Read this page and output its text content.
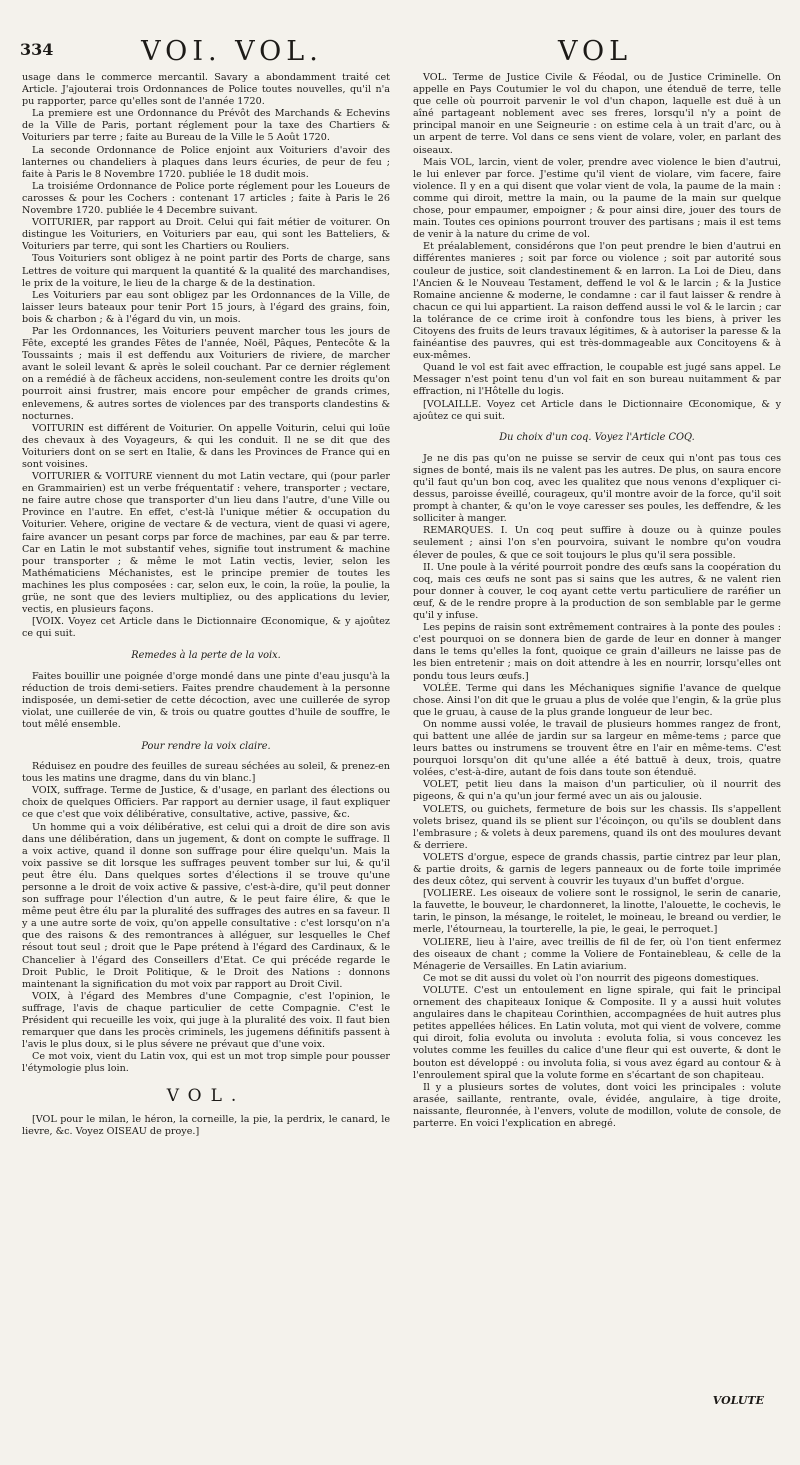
334	VOI. VOL.	VOL

usage dans le commerce mercantil. Savary a abondamment traité cet Article. J'ajouterai trois Ordonnances de Police toutes nouvelles, qu'il n'a pu rapporter, parce qu'elles sont de l'année 1720.

La premiere est une Ordonnance du Prévôt des Marchands & Echevins de la Ville de Paris, portant réglement pour la taxe des Chartiers & Voituriers par terre ; faite au Bureau de la Ville le 5 Août 1720.

La seconde Ordonnance de Police enjoint aux Voituriers d'avoir des lanternes ou chandeliers à plaques dans leurs écuries, de peur de feu ; faite à Paris le 8 Novembre 1720. publiée le 18 dudit mois.

La troisiéme Ordonnance de Police porte réglement pour les Loueurs de carosses & pour les Cochers : contenant 17 articles ; faite à Paris le 26 Novembre 1720. publiée le 4 Decembre suivant.

VOITURIER, par rapport au Droit. Celui qui fait métier de voiturer. On distingue les Voituriers, en Voituriers par eau, qui sont les Batteliers, & Voituriers par terre, qui sont les Chartiers ou Rouliers.

Tous Voituriers sont obligez à ne point partir des Ports de charge, sans Lettres de voiture qui marquent la quantité & la qualité des marchandises, le prix de la voiture, le lieu de la charge & de la destination.

Les Voituriers par eau sont obligez par les Ordonnances de la Ville, de laisser leurs bateaux pour tenir Port 15 jours, à l'égard des grains, foin, bois & charbon ; & à l'égard du vin, un mois.

Par les Ordonnances, les Voituriers peuvent marcher tous les jours de Fête, excepté les grandes Fêtes de l'année, Noël, Pâques, Pentecôte & la Toussaints ; mais il est deffendu aux Voituriers de riviere, de marcher avant le soleil levant & après le soleil couchant. Par ce dernier réglement on a remédié à de fâcheux accidens, non-seulement contre les droits qu'on pourroit ainsi frustrer, mais encore pour empêcher de grands crimes, enlevemens, & autres sortes de violences par des transports clandestins & nocturnes.

VOITURIN est différent de Voiturier. On appelle Voiturin, celui qui loüe des chevaux à des Voyageurs, & qui les conduit. Il ne se dit que des Voituriers dont on se sert en Italie, & dans les Provinces de France qui en sont voisines.

VOITURIER & VOITURE viennent du mot Latin vectare, qui (pour parler en Grammairien) est un verbe fréquentatif : vehere, transporter ; vectare, ne faire autre chose que transporter d'un lieu dans l'autre, d'une Ville ou Province en l'autre. En effet, c'est-là l'unique métier & occupation du Voiturier. Vehere, origine de vectare & de vectura, vient de quasi vi agere, faire avancer un pesant corps par force de machines, par eau & par terre. Car en Latin le mot substantif vehes, signifie tout instrument & machine pour transporter ; & même le mot Latin vectis, levier, selon les Mathématiciens Méchanistes, est le principe premier de toutes les machines les plus composées : car, selon eux, le coin, la roüe, la poulie, la grüe, ne sont que des leviers multipliez, ou des applications du levier, vectis, en plusieurs façons.

[VOIX. Voyez cet Article dans le Dictionnaire Œconomique, & y ajoûtez ce qui suit.

Remedes à la perte de la voix.

Faites bouillir une poignée d'orge mondé dans une pinte d'eau jusqu'à la réduction de trois demi-setiers. Faites prendre chaudement à la personne indisposée, un demi-setier de cette décoction, avec une cuillerée de syrop violat, une cuillerée de vin, & trois ou quatre gouttes d'huile de souffre, le tout mêlé ensemble.

Pour rendre la voix claire.

Réduisez en poudre des feuilles de sureau séchées au soleil, & prenez-en tous les matins une dragme, dans du vin blanc.]

VOIX, suffrage. Terme de Justice, & d'usage, en parlant des élections ou choix de quelques Officiers. Par rapport au dernier usage, il faut expliquer ce que c'est que voix délibérative, consultative, active, passive, &c.

Un homme qui a voix délibérative, est celui qui a droit de dire son avis dans une délibération, dans un jugement, & dont on compte le suffrage. Il a voix active, quand il donne son suffrage pour élire quelqu'un. Mais la voix passive se dit lorsque les suffrages peuvent tomber sur lui, & qu'il peut être élu. Dans quelques sortes d'élections il se trouve qu'une personne a le droit de voix active & passive, c'est-à-dire, qu'il peut donner son suffrage pour l'élection d'un autre, & le peut faire élire, & que le même peut être élu par la pluralité des suffrages des autres en sa faveur. Il y a une autre sorte de voix, qu'on appelle consultative : c'est lorsqu'on n'a que des raisons & des remontrances à alléguer, sur lesquelles le Chef résout tout seul ; droit que le Pape prétend à l'égard des Cardinaux, & le Chancelier à l'égard des Conseillers d'Etat. Ce qui précéde regarde le Droit Public, le Droit Politique, & le Droit des Nations : donnons maintenant la signification du mot voix par rapport au Droit Civil.

VOIX, à l'égard des Membres d'une Compagnie, c'est l'opinion, le suffrage, l'avis de chaque particulier de cette Compagnie. C'est le Président qui recueille les voix, qui juge à la pluralité des voix. Il faut bien remarquer que dans les procès criminels, les jugemens définitifs passent à l'avis le plus doux, si le plus sévere ne prévaut que d'une voix.

Ce mot voix, vient du Latin vox, qui est un mot trop simple pour pousser l'étymologie plus loin.

VOL.

[VOL pour le milan, le héron, la corneille, la pie, la perdrix, le canard, le lievre, &c. Voyez OISEAU de proye.]

VOL. Terme de Justice Civile & Féodal, ou de Justice Criminelle. On appelle en Pays Coutumier le vol du chapon, une étenduë de terre, telle que celle où pourroit parvenir le vol d'un chapon, laquelle est duë à un aîné partageant noblement avec ses freres, lorsqu'il n'y a point de principal manoir en une Seigneurie : on estime cela à un trait d'arc, ou à un arpent de terre. Vol dans ce sens vient de volare, voler, en parlant des oiseaux.

Mais VOL, larcin, vient de voler, prendre avec violence le bien d'autrui, le lui enlever par force. J'estime qu'il vient de violare, vim facere, faire violence. Il y en a qui disent que volar vient de vola, la paume de la main : comme qui diroit, mettre la main, ou la paume de la main sur quelque chose, pour empaumer, empoigner ; & pour ainsi dire, jouer des tours de main. Toutes ces opinions pourront trouver des partisans ; mais il est tems de venir à la nature du crime de vol.

Et préalablement, considérons que l'on peut prendre le bien d'autrui en différentes manieres ; soit par force ou violence ; soit par autorité sous couleur de justice, soit clandestinement & en larron. La Loi de Dieu, dans l'Ancien & le Nouveau Testament, deffend le vol & le larcin ; & la Justice Romaine ancienne & moderne, le condamne : car il faut laisser & rendre à chacun ce qui lui appartient. La raison deffend aussi le vol & le larcin ; car la tolérance de ce crime iroit à confondre tous les biens, à priver les Citoyens des fruits de leurs travaux légitimes, & à autoriser la paresse & la fainéantise des pauvres, qui est très-dommageable aux Concitoyens & à eux-mêmes.

Quand le vol est fait avec effraction, le coupable est jugé sans appel. Le Messager n'est point tenu d'un vol fait en son bureau nuitamment & par effraction, ni l'Hôtelle du logis.

[VOLAILLE. Voyez cet Article dans le Dictionnaire Œconomique, & y ajoûtez ce qui suit.

Du choix d'un coq. Voyez l'Article COQ.

Je ne dis pas qu'on ne puisse se servir de ceux qui n'ont pas tous ces signes de bonté, mais ils ne valent pas les autres. De plus, on saura encore qu'il faut qu'un bon coq, avec les qualitez que nous venons d'expliquer ci-dessus, paroisse éveillé, courageux, qu'il montre avoir de la force, qu'il soit prompt à chanter, & qu'on le voye caresser ses poules, les deffendre, & les solliciter à manger.

REMARQUES. I. Un coq peut suffire à douze ou à quinze poules seulement ; ainsi l'on s'en pourvoira, suivant le nombre qu'on voudra élever de poules, & que ce soit toujours le plus qu'il sera possible.

II. Une poule à la vérité pourroit pondre des œufs sans la coopération du coq, mais ces œufs ne sont pas si sains que les autres, & ne valent rien pour donner à couver, le coq ayant cette vertu particuliere de raréfier un œuf, & de le rendre propre à la production de son semblable par le germe qu'il y infuse.

Les pepins de raisin sont extrêmement contraires à la ponte des poules : c'est pourquoi on se donnera bien de garde de leur en donner à manger dans le tems qu'elles la font, quoique ce grain d'ailleurs ne laisse pas de les bien entretenir ; mais on doit attendre à les en nourrir, lorsqu'elles ont pondu tous leurs œufs.]

VOLÉE. Terme qui dans les Méchaniques signifie l'avance de quelque chose. Ainsi l'on dit que le gruau a plus de volée que l'engin, & la grüe plus que le gruau, à cause de la plus grande longueur de leur bec.

On nomme aussi volée, le travail de plusieurs hommes rangez de front, qui battent une allée de jardin sur sa largeur en même-tems ; parce que leurs battes ou instrumens se trouvent être en l'air en même-tems. C'est pourquoi lorsqu'on dit qu'une allée a été battuë à deux, trois, quatre volées, c'est-à-dire, autant de fois dans toute son étenduë.

VOLET, petit lieu dans la maison d'un particulier, où il nourrit des pigeons, & qui n'a qu'un jour fermé avec un ais ou jalousie.

VOLETS, ou guichets, fermeture de bois sur les chassis. Ils s'appellent volets brisez, quand ils se plient sur l'écoinçon, ou qu'ils se doublent dans l'embrasure ; & volets à deux paremens, quand ils ont des moulures devant & derriere.

VOLETS d'orgue, espece de grands chassis, partie cintrez par leur plan, & partie droits, & garnis de legers panneaux ou de forte toile imprimée des deux côtez, qui servent à couvrir les tuyaux d'un buffet d'orgue.

[VOLIERE. Les oiseaux de voliere sont le rossignol, le serin de canarie, la fauvette, le bouveur, le chardonneret, la linotte, l'alouette, le cochevis, le tarin, le pinson, la mésange, le roitelet, le moineau, le breand ou verdier, le merle, l'étourneau, la tourterelle, la pie, le geai, le perroquet.]

VOLIERE, lieu à l'aire, avec treillis de fil de fer, où l'on tient enfermez des oiseaux de chant ; comme la Voliere de Fontainebleau, & celle de la Ménagerie de Versailles. En Latin aviarium.

Ce mot se dit aussi du volet où l'on nourrit des pigeons domestiques.

VOLUTE. C'est un entoulement en ligne spirale, qui fait le principal ornement des chapiteaux Ionique & Composite. Il y a aussi huit volutes angulaires dans le chapiteau Corinthien, accompagnées de huit autres plus petites appellées hélices. En Latin voluta, mot qui vient de volvere, comme qui diroit, folia evoluta ou involuta : evoluta folia, si vous concevez les volutes comme les feuilles du calice d'une fleur qui est ouverte, & dont le bouton est développé : ou involuta folia, si vous avez égard au contour & à l'enroulement spiral que la volute forme en s'écartant de son chapiteau.

Il y a plusieurs sortes de volutes, dont voici les principales : volute arasée, saillante, rentrante, ovale, évidée, angulaire, à tige droite, naissante, fleuronnée, à l'envers, volute de modillon, volute de console, de parterre. En voici l'explication en abregé.

VOLUTE
